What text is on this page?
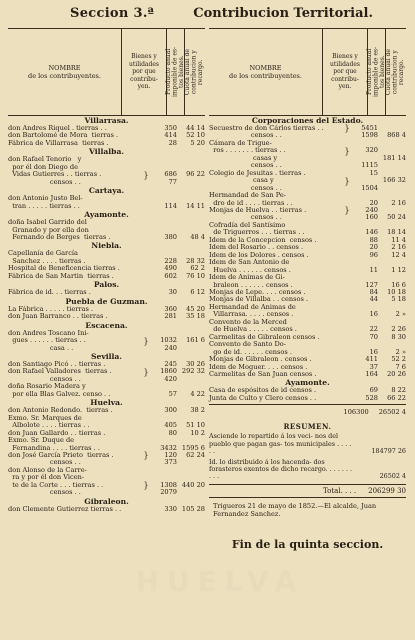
Seccion 3.ª	Contribucion Territorial.
NOMBRE
de los contribuyentes.
Bienes y
utilidades
por que
contribu-
yen.	Producto anual
imponible de es-
tos bienes.
Cuota anual de
contribucion y
recargo.
Villarrasa.
don Andres Riquel . tierras . .	350	44 14
don Bartolomé de Mora  tierras .	414	52 10
Fábrica de Villarrasa  tierras .	28	5 20
Villalba.
don Rafael Tenorio   y
por él don Diego de
Vidas Gutierres . . tierras .	}	686	96 22
censos . .	77
Cartaya.
don Antonio Justo Bel-
tran . . . . . tierras . .	114	14 11
Ayamonte.
doña Isabel Garrido del
Granado y por ella don
Fernando de Berges  tierras .	380	48 4
Niebla.
Capellanía de García
Sanchez . . . . tierras .	228	28 32
Hospital de Beneficencia tierras .	490	62 2
Fábrica de San Martin  tierras .	602	76 10
Palos.
Fábrica de id. . . tierras .	30	6 12
Puebla de Guzman.
La Fábrica . . . . . tierras .	360	45 20
don Juan Barranco . . tierras .	281	35 18
Escacena.
don Andres Toscano Ini-
gues . . . . . . tierras . .	}	1032	161 6
casa . .	240
Sevilla.
don Santiago Picó . . tierras .	245	30 26
don Rafael Valladores  tierras .	}	1860 292 32
censos . .	420
doña Rosario Madera y
por ella Blas Galvez. censo . .	57	4 22
Huelva.
don Antonio Redondo.  tierras .	300	38 2
Exmo. Sr. Marques de
Albolote . . . . tierras . .	405	51 10
don Juan Gallardo . . tierras .	80	10 2
Exmo. Sr. Duque de
Fernandina . . . . tierras . .	3432 1595 6
don José García Prieto  tierras .	}	120	62 24
censos . .	373
don Alonso de la Carre-
ra y por él don Vicen-
te de la Corte . . . tierras . .	}	1308 440 20
censos . .	2079
Gibraleon.
don Clemente Gutierrez tierras . .	330 105 28
NOMBRE
de los contribuyentes.
Bienes y
utilidades
por que
contribu-
yen.	Producto anual
imponible de es-
tos bienes.
Cuota anual de
contribucion y
recargo.
Corporaciones del Estado.
Secuestro de don Cárlos tierras . .	}	5451
censos . .	1598	868 4
Cámara de Trigue-
ros . . . . . . . tierras . .	}	320
casas y	181 14
censos . .	1115
Colegio de Jesuitas . tierras .	15
casa y	}	166 32
censos . .	1504
Hermandad de San Pe-
dro de id . . . . tierras . .	20	2 16
Monjas de Huelva . . tierras .	}	240
censos . .	160	50 24
Cofradía del Santísimo
de Triguerros . . . tierras . .	146	18 14
Idem de la Concepcion  censos .	88	11 4
Idem del Rosario . . censos .	20	2 16
Idem de los Dolores . censos .	96	12 4
Idem de San Antonio de
Huelva . . . . . . censos .	11	1 12
Idem de Animas de Gi-
braleon . . . . . . censos .	127	16 6
Monjas de Lepe. . . . censos .	84	10 18
Monjas de Villalba . . censos .	44	5 18
Hermandad de Animas de
Villarrasa. . . . . censos .	16	2 »
Convento de la Merced
de Huelva . . . . . censos .	22	2 26
Carmelitas de Gibraleon censos .	70	8 30
Convento de Santo Do-
go de id. . . . . . censos .	16	2 »
Monjas de Gibraleon . censos .	411	52 2
Idem de Moguer. . . . censos .	37	7 6
Carmelitas de San Juan censos .	164	20 26
Ayamonte.
Casa de espósitos de id censos .	69	8 22
Junta de Culto y Clero censos . .	528	66 22
106300 26502 4
RESUMEN.
Asciende lo repartido á los veci- nos del pueblo que pagan gas- tos municipales . . . . . .	184797 26
Id. lo distribuido á los hacenda- dos forasteros exentos de dicho recargo. . . . . . . . . .	26502 4
Total. . . . 206299 30
Trigueros 21 de mayo de 1852.—El alcalde, Juan Fernandez Sanchez.
Fin de la quinta seccion.
HUELVA
